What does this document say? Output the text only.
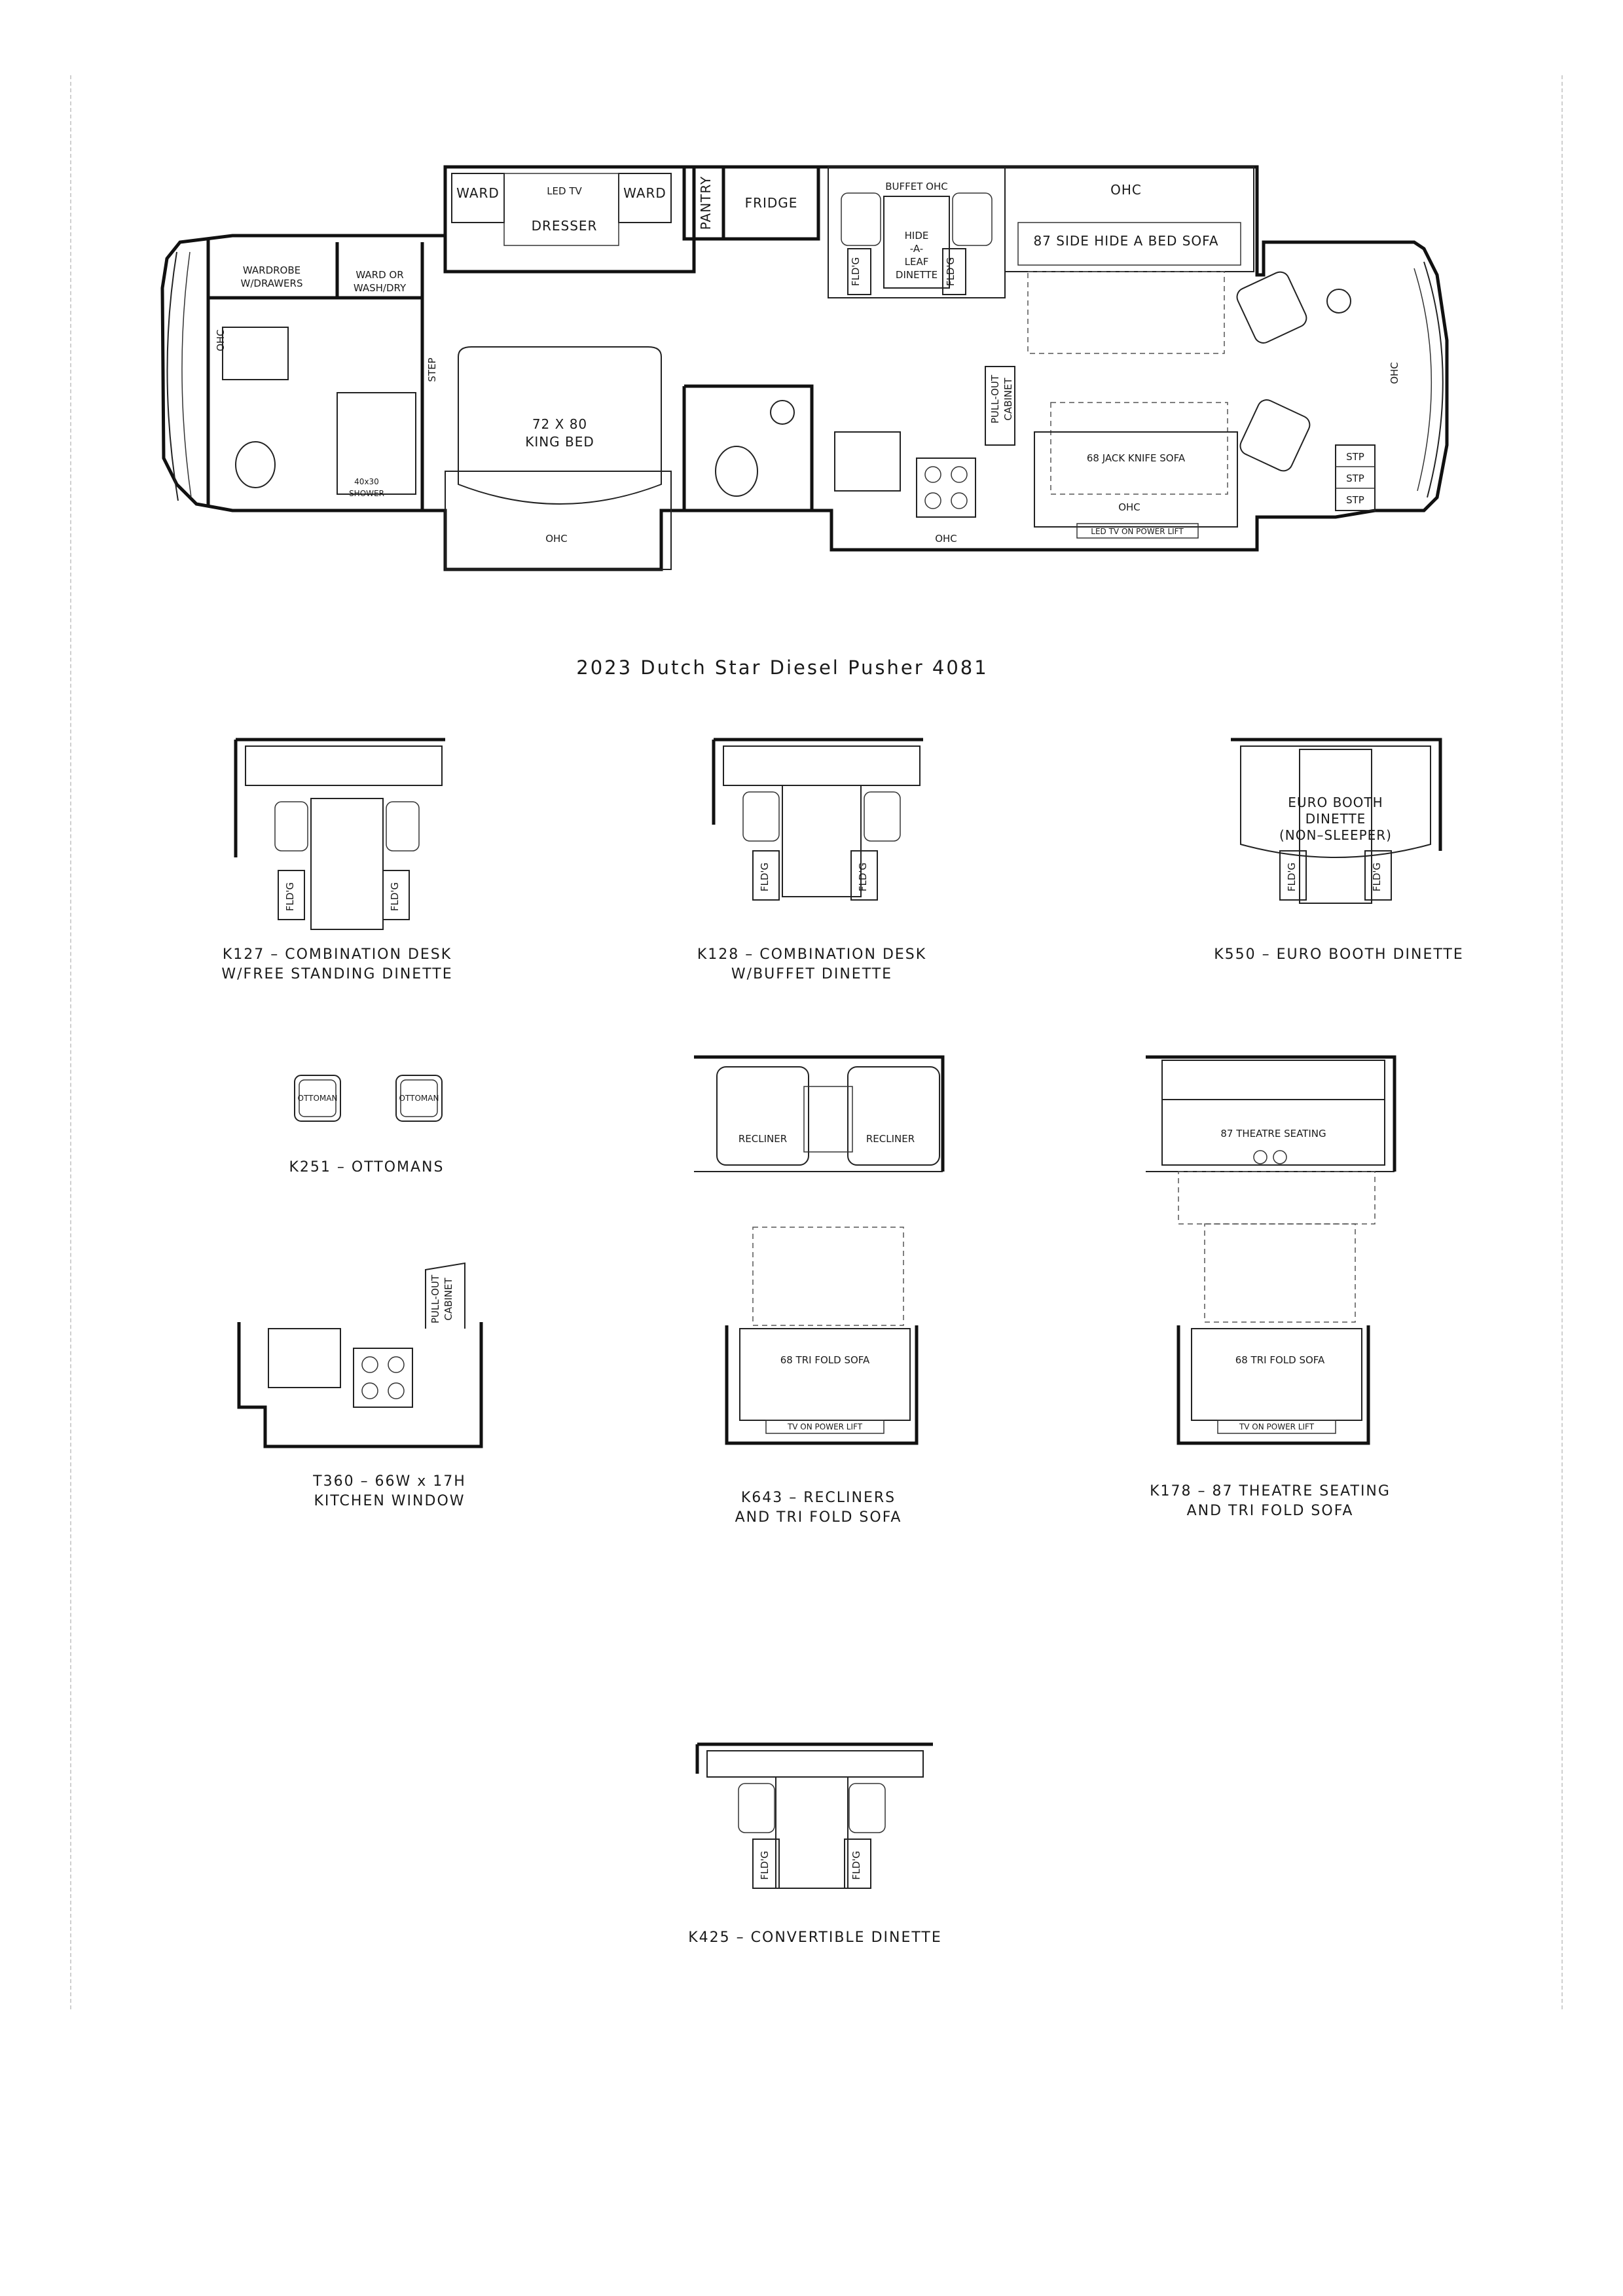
WARD	LED TV
DRESSER
WARD PANTRY FRIDGE
BUFFET OHC
HIDE
-A-
LEAF
DINETTE
FLD'G	FLD'G
OHC
87 SIDE HIDE A BED SOFA
WARDROBE
W/DRAWERS
WARD OR
WASH/DRY
OHC
STEP
40x30
SHOWER
72 X 80
KING BED
OHC
PULL-OUT CABINET
68 JACK KNIFE SOFA
OHC
LED TV ON POWER LIFT
OHC
OHC
STP
STP
STP
2023 Dutch Star Diesel Pusher 4081
FLD'G	FLD'G
K127 – COMBINATION DESK
W/FREE STANDING DINETTE
FLD'G	FLD'G
K128 – COMBINATION DESK
W/BUFFET DINETTE
FLD'G	FLD'G
EURO BOOTH
DINETTE
(NON–SLEEPER)
K550 – EURO BOOTH DINETTE
OTTOMAN	OTTOMAN
K251 – OTTOMANS
RECLINER	RECLINER
68 TRI FOLD SOFA
TV ON POWER LIFT
K643 – RECLINERS
AND TRI FOLD SOFA
87 THEATRE SEATING
68 TRI FOLD SOFA
TV ON POWER LIFT
K178 – 87 THEATRE SEATING
AND TRI FOLD SOFA
PULL-OUT CABINET
T360 – 66W x 17H
KITCHEN WINDOW
FLD'G	FLD'G
K425 – CONVERTIBLE DINETTE
